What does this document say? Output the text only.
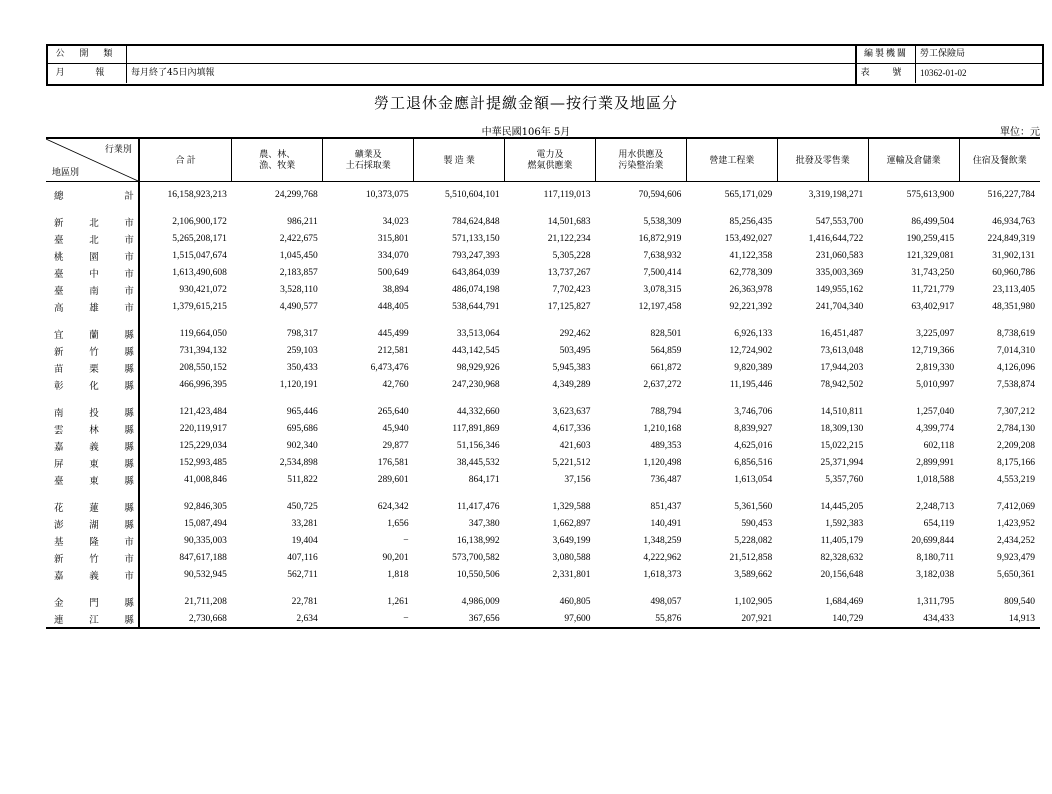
公 開 類
月 報	每月終了45日內填報
編製機關	勞工保險局
表 號 10362-01-02
勞工退休金應計提繳金額—按行業及地區分
中華民國106年 5月	單位：元
行業別
地區別	合 計	農、林、
漁、牧業	礦業及
土石採取業	製 造 業	電力及
燃氣供應業	用水供應及
污染整治業	營建工程業	批發及零售業	運輸及倉儲業	住宿及餐飲業

總 計	16,158,923,213	24,299,768	10,373,075	5,510,604,101	117,119,013	70,594,606	565,171,029	3,319,198,271	575,613,900	516,227,784

新 北 市	2,106,900,172	986,211	34,023	784,624,848	14,501,683	5,538,309	85,256,435	547,553,700	86,499,504	46,934,763
臺 北 市	5,265,208,171	2,422,675	315,801	571,133,150	21,122,234	16,872,919	153,492,027	1,416,644,722	190,259,415	224,849,319
桃 園 市	1,515,047,674	1,045,450	334,070	793,247,393	5,305,228	7,638,932	41,122,358	231,060,583	121,329,081	31,902,131
臺 中 市	1,613,490,608	2,183,857	500,649	643,864,039	13,737,267	7,500,414	62,778,309	335,003,369	31,743,250	60,960,786
臺 南 市	930,421,072	3,528,110	38,894	486,074,198	7,702,423	3,078,315	26,363,978	149,955,162	11,721,779	23,113,405
高 雄 市	1,379,615,215	4,490,577	448,405	538,644,791	17,125,827	12,197,458	92,221,392	241,704,340	63,402,917	48,351,980

宜 蘭 縣	119,664,050	798,317	445,499	33,513,064	292,462	828,501	6,926,133	16,451,487	3,225,097	8,738,619
新 竹 縣	731,394,132	259,103	212,581	443,142,545	503,495	564,859	12,724,902	73,613,048	12,719,366	7,014,310
苗 栗 縣	208,550,152	350,433	6,473,476	98,929,926	5,945,383	661,872	9,820,389	17,944,203	2,819,330	4,126,096
彰 化 縣	466,996,395	1,120,191	42,760	247,230,968	4,349,289	2,637,272	11,195,446	78,942,502	5,010,997	7,538,874

南 投 縣	121,423,484	965,446	265,640	44,332,660	3,623,637	788,794	3,746,706	14,510,811	1,257,040	7,307,212
雲 林 縣	220,119,917	695,686	45,940	117,891,869	4,617,336	1,210,168	8,839,927	18,309,130	4,399,774	2,784,130
嘉 義 縣	125,229,034	902,340	29,877	51,156,346	421,603	489,353	4,625,016	15,022,215	602,118	2,209,208
屏 東 縣	152,993,485	2,534,898	176,581	38,445,532	5,221,512	1,120,498	6,856,516	25,371,994	2,899,991	8,175,166
臺 東 縣	41,008,846	511,822	289,601	864,171	37,156	736,487	1,613,054	5,357,760	1,018,588	4,553,219

花 蓮 縣	92,846,305	450,725	624,342	11,417,476	1,329,588	851,437	5,361,560	14,445,205	2,248,713	7,412,069
澎 湖 縣	15,087,494	33,281	1,656	347,380	1,662,897	140,491	590,453	1,592,383	654,119	1,423,952
基 隆 市	90,335,003	19,404	−	16,138,992	3,649,199	1,348,259	5,228,082	11,405,179	20,699,844	2,434,252
新 竹 市	847,617,188	407,116	90,201	573,700,582	3,080,588	4,222,962	21,512,858	82,328,632	8,180,711	9,923,479
嘉 義 市	90,532,945	562,711	1,818	10,550,506	2,331,801	1,618,373	3,589,662	20,156,648	3,182,038	5,650,361

金 門 縣	21,711,208	22,781	1,261	4,986,009	460,805	498,057	1,102,905	1,684,469	1,311,795	809,540
連 江 縣	2,730,668	2,634	−	367,656	97,600	55,876	207,921	140,729	434,433	14,913
